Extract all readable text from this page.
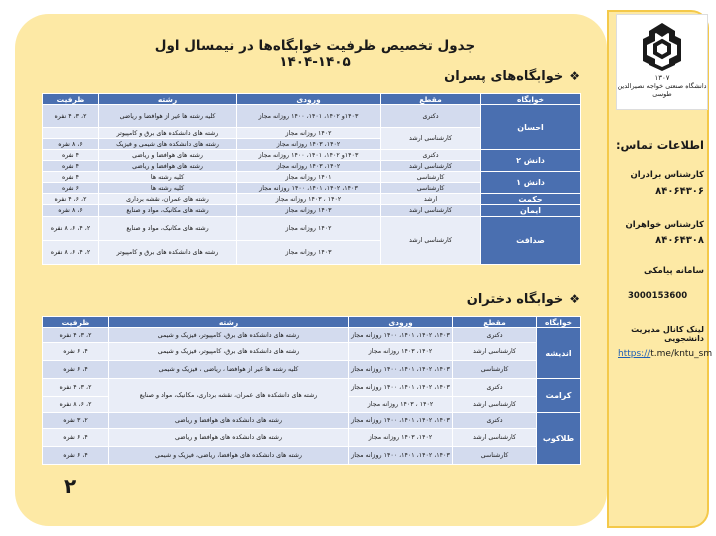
۱۳۰۷
دانشگاه صنعتی خواجه نصیرالدین طوسی
جدول تخصیص ظرفیت خوابگاه‌ها در نیمسال اول ۱۴۰۵-۱۴۰۴
❖خوابگاه‌های پسران
خوابگاه	مقطع	ورودی	رشته	ظرفیت
احسان	دکتری	۱۴۰۳و ۱۴۰۲، ۱۴۰۱، ۱۴۰۰ روزانه مجاز	کلیه رشته ها غیر از هوافضا و ریاضی	۲، ۳، ۴ نفره
	کارشناسی ارشد	۱۴۰۲ روزانه مجاز	رشته های دانشکده های برق و کامپیوتر	
		۱۴۰۲، ۱۴۰۳ روزانه مجاز	رشته های دانشکده های شیمی و فیزیک	۶، ۸ نفره
دانش ۲	دکتری	۱۴۰۳و ۱۴۰۲، ۱۴۰۱، ۱۴۰۰ روزانه مجاز	رشته های هوافضا و ریاضی	۴ نفره
	کارشناسی ارشد	۱۴۰۲، ۱۴۰۳ روزانه مجاز	رشته های هوافضا و ریاضی	۴ نفره
دانش ۱	کارشناسی	۱۴۰۱ روزانه مجاز	کلیه رشته ها	۴ نفره
	کارشناسی	۱۴۰۳، ۱۴۰۲، ۱۴۰۱، ۱۴۰۰ روزانه مجاز	کلیه رشته ها	۶ نفره
حکمت	ارشد	۱۴۰۲ ، ۱۴۰۳ روزانه مجاز	رشته های عمران، نقشه برداری	۲، ۶، ۴ نفره
ایمان	کارشناسی ارشد	۱۴۰۳ روزانه مجاز	رشته های مکانیک، مواد و صنایع	۶، ۸ نفره
صداقت	کارشناسی ارشد	۱۴۰۲ روزانه مجاز	رشته های مکانیک، مواد و صنایع	۲، ۴، ۶، ۸ نفره
		۱۴۰۳ روزانه مجاز	رشته های دانشکده های برق و کامپیوتر	۲، ۴، ۶، ۸ نفره
❖خوابگاه دختران
خوابگاه	مقطع	ورودی	رشته	ظرفیت
اندیشه	دکتری	۱۴۰۳، ۱۴۰۲، ۱۴۰۱، ۱۴۰۰ روزانه مجاز	رشته های دانشکده های برق، کامپیوتر، فیزیک و شیمی	۲، ۳، ۴ نفره
	کارشناسی ارشد	۱۴۰۲، ۱۴۰۳ روزانه مجاز	رشته های دانشکده های برق، کامپیوتر، فیزیک و شیمی	۴، ۶ نفره
	کارشناسی	۱۴۰۳، ۱۴۰۲، ۱۴۰۱، ۱۴۰۰ روزانه مجاز	کلیه رشته ها غیر از هوافضا ، ریاضی ، فیزیک و شیمی	۴، ۶ نفره
کرامت	دکتری	۱۴۰۳، ۱۴۰۲، ۱۴۰۱، ۱۴۰۰ روزانه مجاز	رشته های دانشکده های عمران، نقشه برداری، مکانیک، مواد و صنایع	۲، ۳، ۴ نفره
	کارشناسی ارشد	۱۴۰۲ ، ۱۴۰۳ روزانه مجاز		۲، ۶، ۸ نفره
طلاکوب	دکتری	۱۴۰۳، ۱۴۰۲، ۱۴۰۱، ۱۴۰۰ روزانه مجاز	رشته های دانشکده های هوافضا و ریاضی	۲، ۳ نفره
	کارشناسی ارشد	۱۴۰۲، ۱۴۰۳ روزانه مجاز	رشته های دانشکده های هوافضا و ریاضی	۴، ۶ نفره
	کارشناسی	۱۴۰۳، ۱۴۰۲، ۱۴۰۱، ۱۴۰۰ روزانه مجاز	رشته های دانشکده های هوافضا، ریاضی، فیزیک و شیمی	۴، ۶ نفره
۲
اطلاعات تماس:
کارشناس برادران
۸۴۰۶۴۳۰۶
کارشناس خواهران
۸۴۰۶۴۳۰۸
سامانه پیامکی
3000153600
لینک کانال مدیریت دانشجویی
https://t.me/kntu_sm
